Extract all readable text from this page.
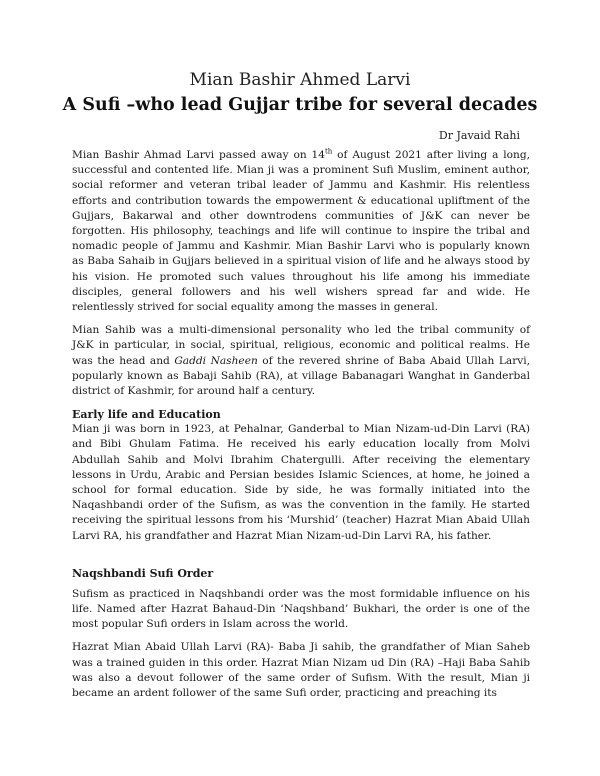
Mian Bashir Ahmed Larvi
A Sufi –who lead Gujjar tribe for several decades
Dr Javaid Rahi

Mian Bashir Ahmad Larvi passed away on 14th of August 2021 after living a long, successful and contented life. Mian ji was a prominent Sufi Muslim, eminent author, social reformer and veteran tribal leader of Jammu and Kashmir. His relentless efforts and contribution towards the empowerment & educational upliftment of the Gujjars, Bakarwal and other downtrodens communities of J&K can never be forgotten. His philosophy, teachings and life will continue to inspire the tribal and nomadic people of Jammu and Kashmir. Mian Bashir Larvi who is popularly known as Baba Sahaib in Gujjars believed in a spiritual vision of life and he always stood by his vision. He promoted such values throughout his life among his immediate disciples, general followers and his well wishers spread far and wide. He relentlessly strived for social equality among the masses in general.

Mian Sahib was a multi-dimensional personality who led the tribal community of J&K in particular, in social, spiritual, religious, economic and political realms. He was the head and Gaddi Nasheen of the revered shrine of Baba Abaid Ullah Larvi, popularly known as Babaji Sahib (RA), at village Babanagari Wanghat in Ganderbal district of Kashmir, for around half a century.

Early life and Education

Mian ji was born in 1923, at Pehalnar, Ganderbal to Mian Nizam-ud-Din Larvi (RA) and Bibi Ghulam Fatima. He received his early education locally from Molvi Abdullah Sahib and Molvi Ibrahim Chatergulli. After receiving the elementary lessons in Urdu, Arabic and Persian besides Islamic Sciences, at home, he joined a school for formal education. Side by side, he was formally initiated into the Naqashbandi order of the Sufism, as was the convention in the family. He started receiving the spiritual lessons from his ‘Murshid’ (teacher) Hazrat Mian Abaid Ullah Larvi RA, his grandfather and Hazrat Mian Nizam-ud-Din Larvi RA, his father.

Naqshbandi Sufi Order

Sufism as practiced in Naqshbandi order was the most formidable influence on his life. Named after Hazrat Bahaud-Din ‘Naqshband’ Bukhari, the order is one of the most popular Sufi orders in Islam across the world.

Hazrat Mian Abaid Ullah Larvi (RA)- Baba Ji sahib, the grandfather of Mian Saheb was a trained guiden in this order. Hazrat Mian Nizam ud Din (RA) –Haji Baba Sahib was also a devout follower of the same order of Sufism. With the result, Mian ji became an ardent follower of the same Sufi order, practicing and preaching its
